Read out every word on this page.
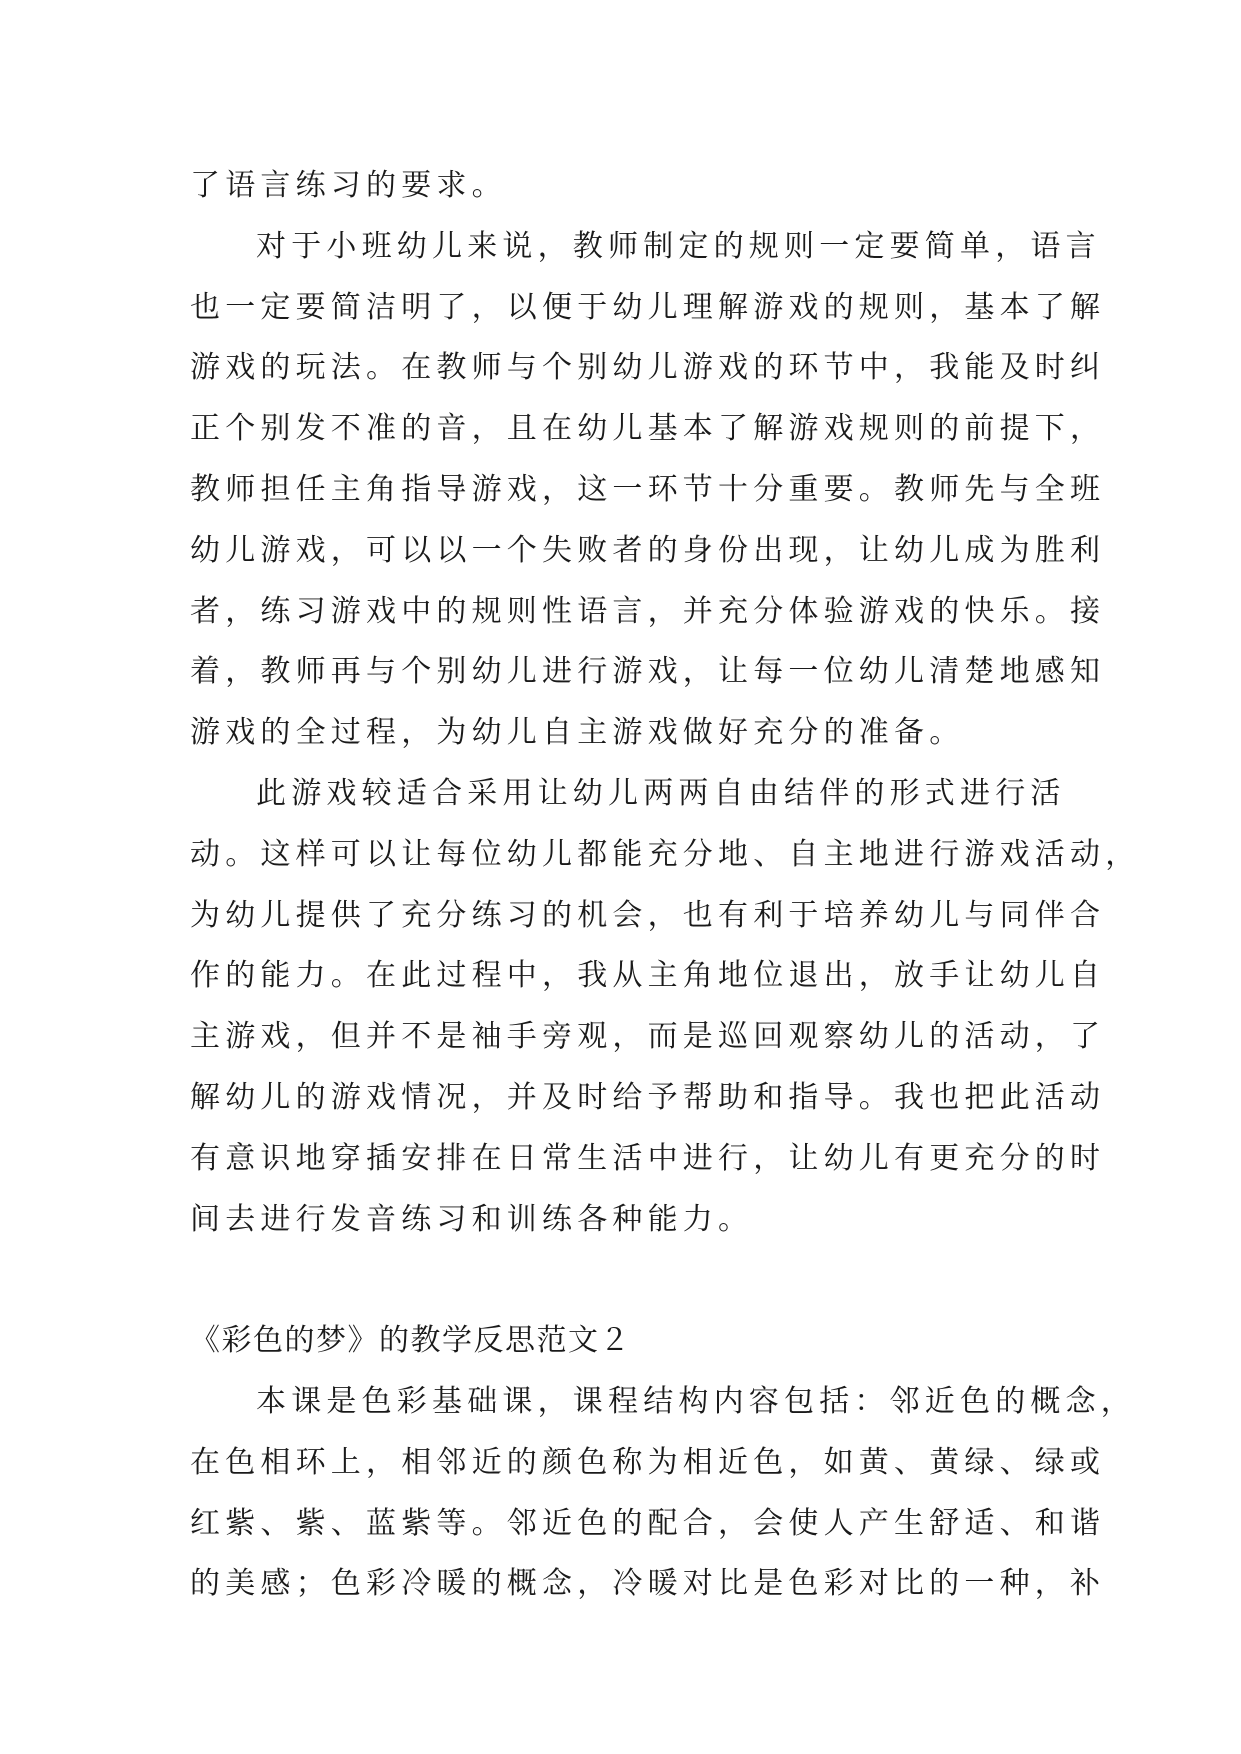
了语言练习的要求。
对于小班幼儿来说，教师制定的规则一定要简单，语言
也一定要简洁明了，以便于幼儿理解游戏的规则，基本了解
游戏的玩法。在教师与个别幼儿游戏的环节中，我能及时纠
正个别发不准的音，且在幼儿基本了解游戏规则的前提下，
教师担任主角指导游戏，这一环节十分重要。教师先与全班
幼儿游戏，可以以一个失败者的身份出现，让幼儿成为胜利
者，练习游戏中的规则性语言，并充分体验游戏的快乐。接
着，教师再与个别幼儿进行游戏，让每一位幼儿清楚地感知
游戏的全过程，为幼儿自主游戏做好充分的准备。
此游戏较适合采用让幼儿两两自由结伴的形式进行活
动。这样可以让每位幼儿都能充分地、自主地进行游戏活动，
为幼儿提供了充分练习的机会，也有利于培养幼儿与同伴合
作的能力。在此过程中，我从主角地位退出，放手让幼儿自
主游戏，但并不是袖手旁观，而是巡回观察幼儿的活动，了
解幼儿的游戏情况，并及时给予帮助和指导。我也把此活动
有意识地穿插安排在日常生活中进行，让幼儿有更充分的时
间去进行发音练习和训练各种能力。
《彩色的梦》的教学反思范文２
本课是色彩基础课，课程结构内容包括：邻近色的概念，
在色相环上，相邻近的颜色称为相近色，如黄、黄绿、绿或
红紫、紫、蓝紫等。邻近色的配合，会使人产生舒适、和谐
的美感；色彩冷暖的概念，冷暖对比是色彩对比的一种，补
